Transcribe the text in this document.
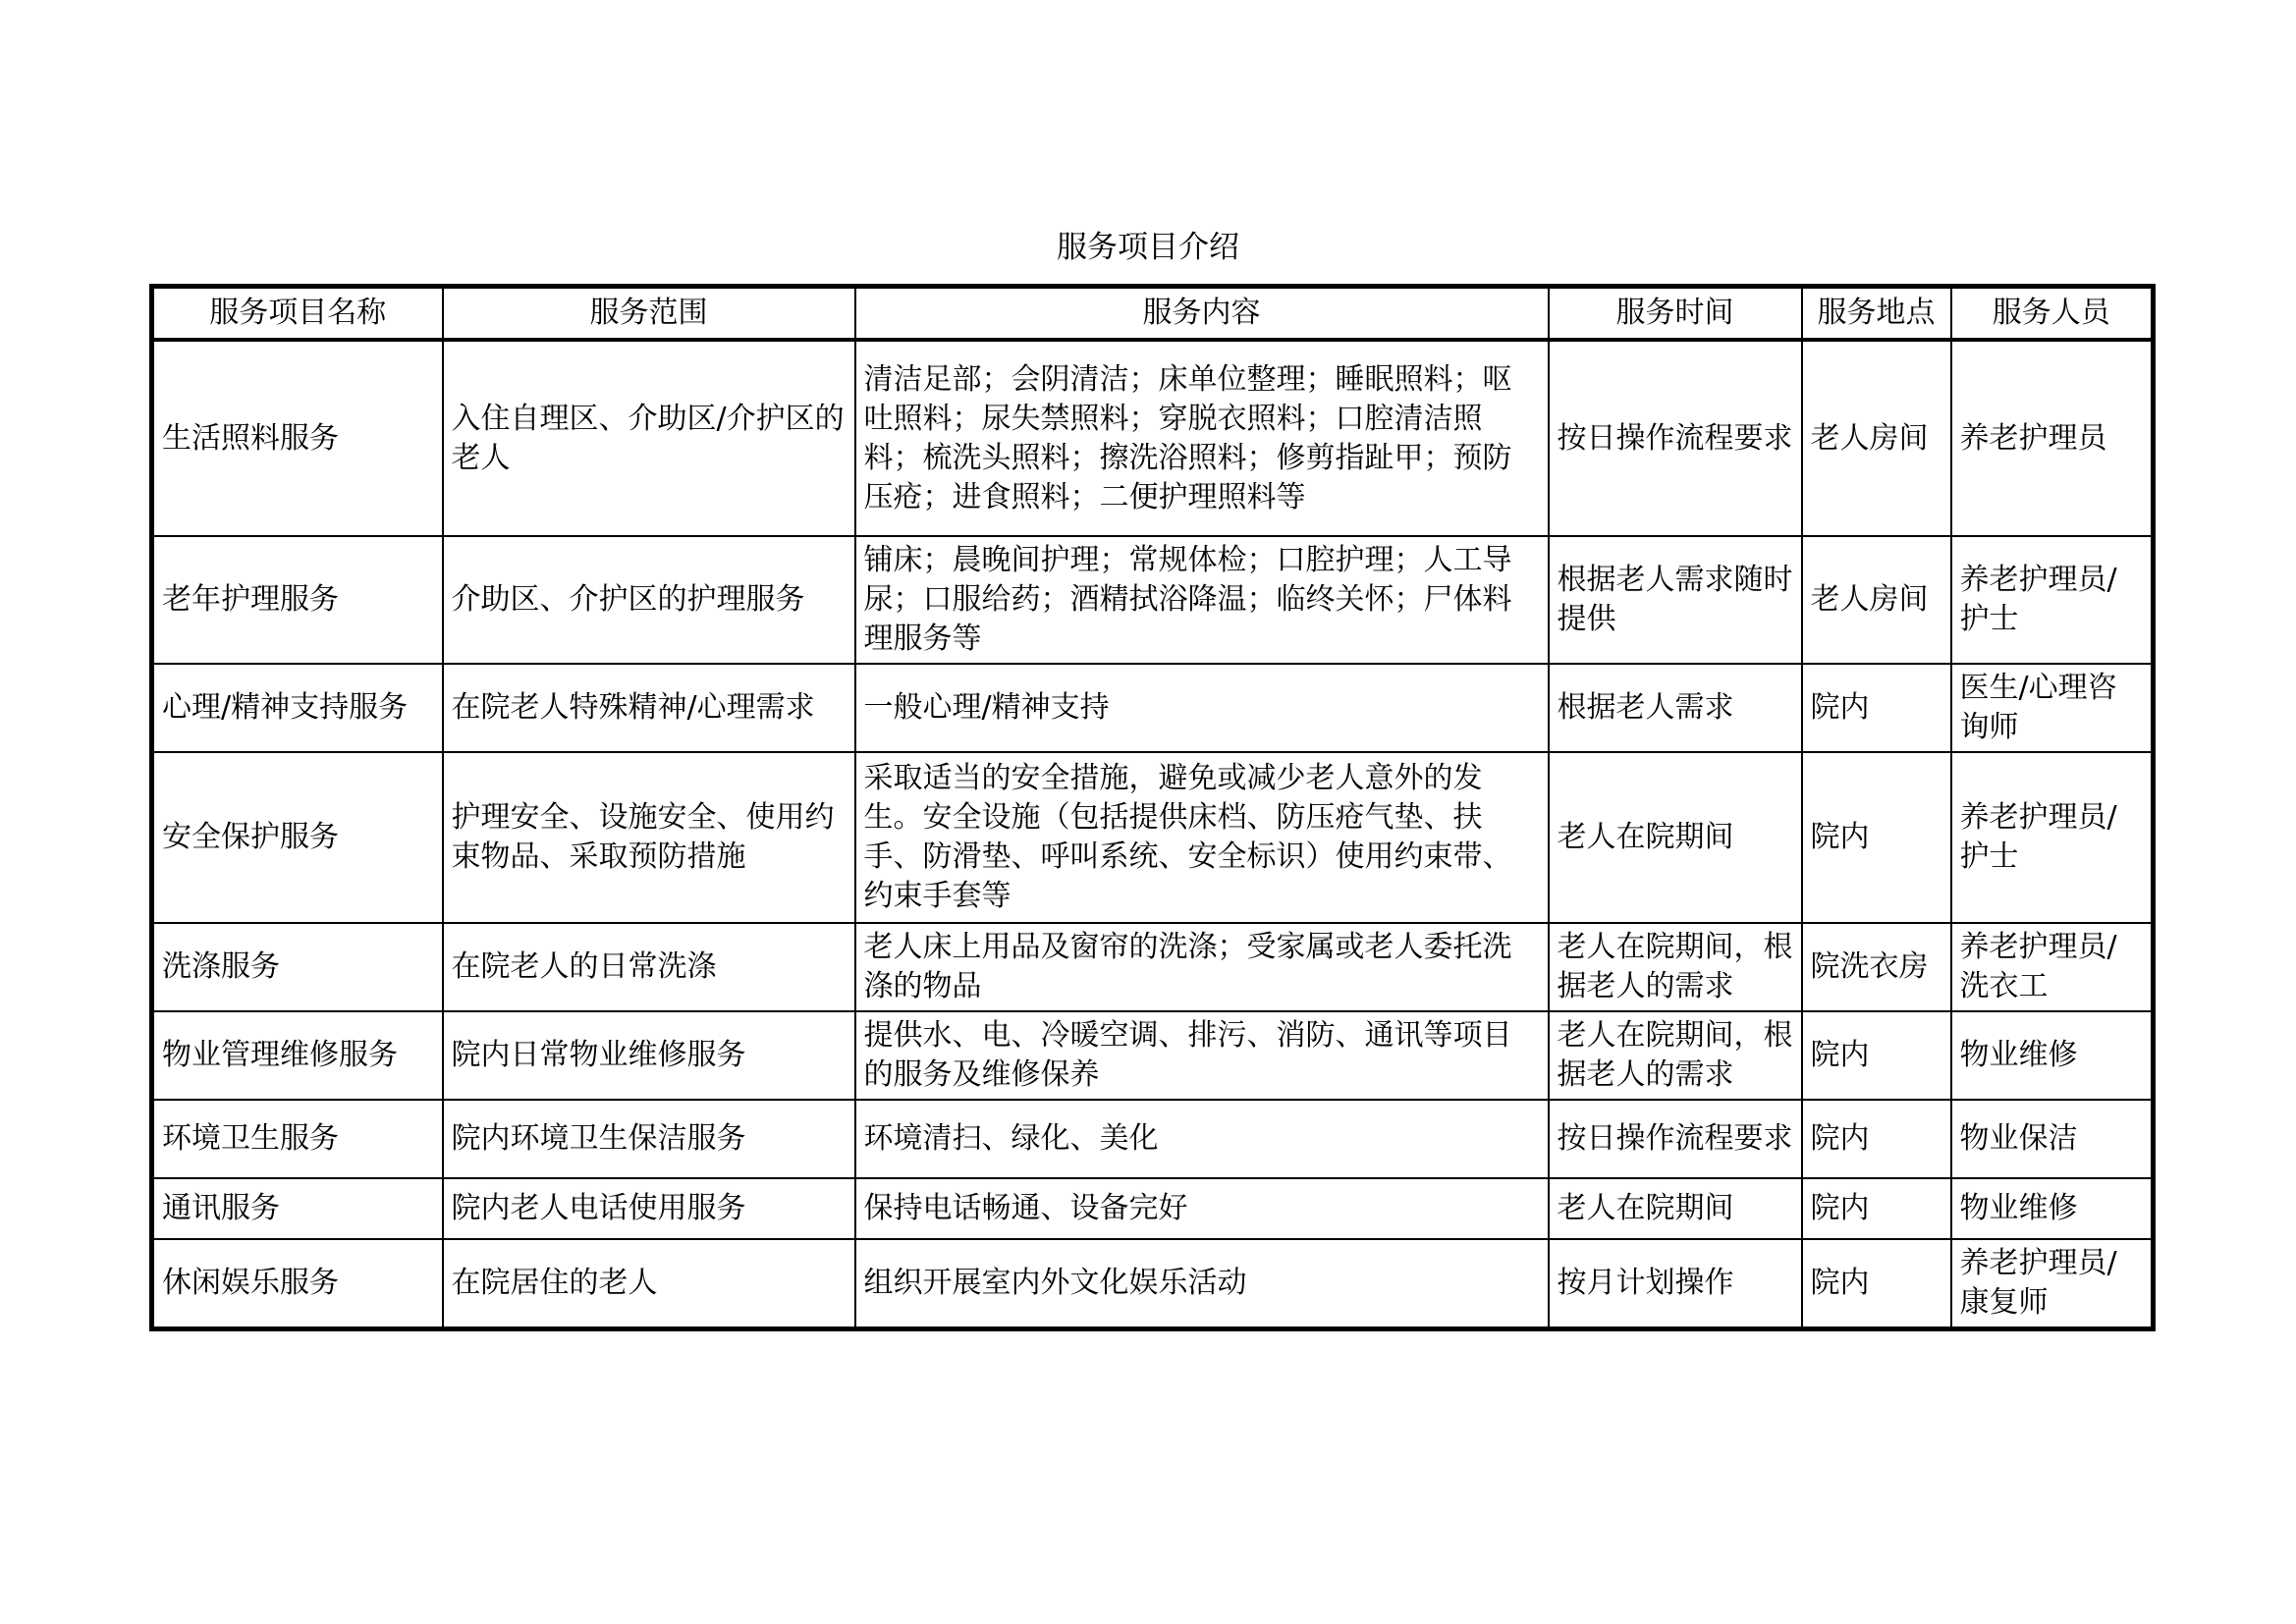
服务项目介绍
服务项目名称	服务范围	服务内容	服务时间	服务地点	服务人员
生活照料服务	入住自理区、介助区/介护区的老人	清洁足部；会阴清洁；床单位整理；睡眠照料；呕吐照料；尿失禁照料；穿脱衣照料；口腔清洁照料；梳洗头照料；擦洗浴照料；修剪指趾甲；预防压疮；进食照料；二便护理照料等	按日操作流程要求	老人房间	养老护理员
老年护理服务	介助区、介护区的护理服务	铺床；晨晚间护理；常规体检；口腔护理；人工导尿；口服给药；酒精拭浴降温；临终关怀；尸体料理服务等	根据老人需求随时提供	老人房间	养老护理员/护士
心理/精神支持服务	在院老人特殊精神/心理需求	一般心理/精神支持	根据老人需求	院内	医生/心理咨询师
安全保护服务	护理安全、设施安全、使用约束物品、采取预防措施	采取适当的安全措施，避免或减少老人意外的发生。安全设施（包括提供床档、防压疮气垫、扶手、防滑垫、呼叫系统、安全标识）使用约束带、约束手套等	老人在院期间	院内	养老护理员/护士
洗涤服务	在院老人的日常洗涤	老人床上用品及窗帘的洗涤；受家属或老人委托洗涤的物品	老人在院期间，根据老人的需求	院洗衣房	养老护理员/洗衣工
物业管理维修服务	院内日常物业维修服务	提供水、电、冷暖空调、排污、消防、通讯等项目的服务及维修保养	老人在院期间，根据老人的需求	院内	物业维修
环境卫生服务	院内环境卫生保洁服务	环境清扫、绿化、美化	按日操作流程要求	院内	物业保洁
通讯服务	院内老人电话使用服务	保持电话畅通、设备完好	老人在院期间	院内	物业维修
休闲娱乐服务	在院居住的老人	组织开展室内外文化娱乐活动	按月计划操作	院内	养老护理员/康复师
